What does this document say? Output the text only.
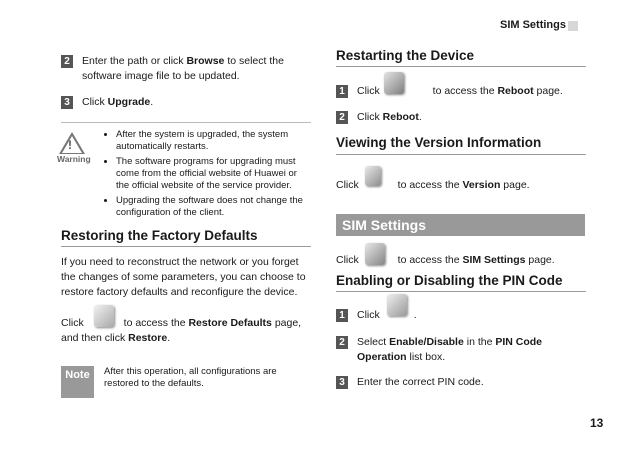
SIM Settings
2	Enter the path or click Browse to select the
software image file to be updated.
3	Click Upgrade.
!
Warning
• After the system is upgraded, the system automatically restarts.
• The software programs for upgrading must come from the official website of Huawei or the official website of the service provider.
• Upgrading the software does not change the configuration of the client.
Restoring the Factory Defaults
If you need to reconstruct the network or you forget
the changes of some parameters, you can choose to
restore factory defaults and reconfigure the device.
Click	to access the Restore Defaults page,
and then click Restore.
Note	After this operation, all configurations are
restored to the defaults.
Restarting the Device
1	Click	to access the Reboot page.
2	Click Reboot.
Viewing the Version Information
Click	to access the Version page.
SIM Settings
Click	to access the SIM Settings page.
Enabling or Disabling the PIN Code
1	Click	.
2	Select Enable/Disable in the PIN Code
Operation list box.
3	Enter the correct PIN code.
13
